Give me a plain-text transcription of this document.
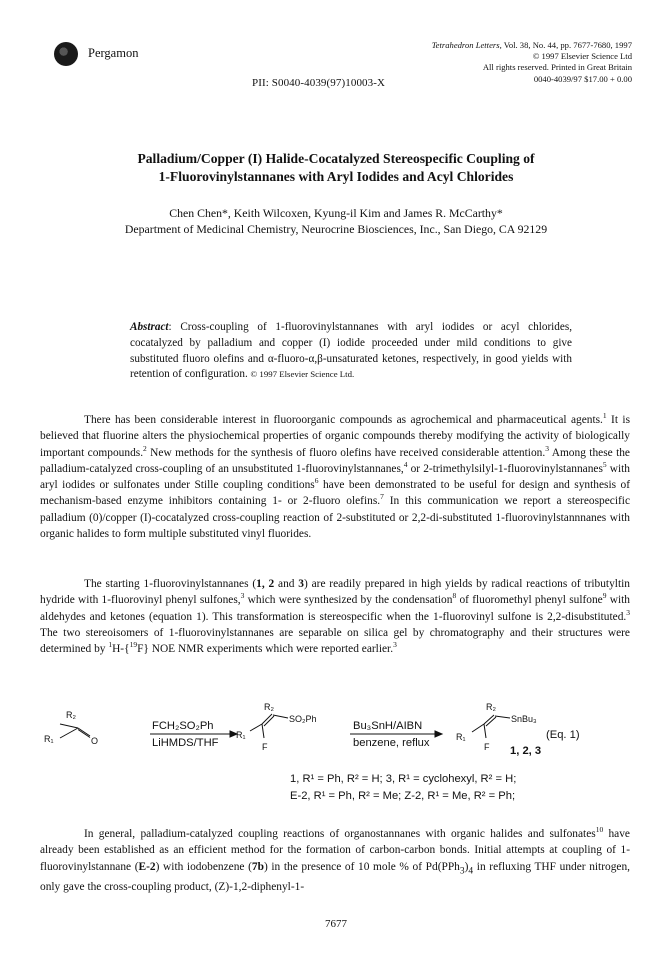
Pergamon
Tetrahedron Letters, Vol. 38, No. 44, pp. 7677-7680, 1997
© 1997 Elsevier Science Ltd
All rights reserved. Printed in Great Britain
0040-4039/97 $17.00 + 0.00
PII: S0040-4039(97)10003-X
Palladium/Copper (I) Halide-Cocatalyzed Stereospecific Coupling of
1-Fluorovinylstannanes with Aryl Iodides and Acyl Chlorides
Chen Chen*, Keith Wilcoxen, Kyung-il Kim and James R. McCarthy*
Department of Medicinal Chemistry, Neurocrine Biosciences, Inc., San Diego, CA 92129
Abstract: Cross-coupling of 1-fluorovinylstannanes with aryl iodides or acyl chlorides, cocatalyzed by palladium and copper (I) iodide proceeded under mild conditions to give substituted fluoro olefins and α-fluoro-α,β-unsaturated ketones, respectively, in good yields with retention of configuration. © 1997 Elsevier Science Ltd.

There has been considerable interest in fluoroorganic compounds as agrochemical and pharmaceutical agents.$^1$ It is believed that fluorine alters the physiochemical properties of organic compounds thereby modifying the activity of biologically important compounds.$^2$ New methods for the synthesis of fluoro olefins have received considerable attention.$^3$ Among these the palladium-catalyzed cross-coupling of an unsubstituted 1-fluorovinylstannanes,$^4$ or 2-trimethylsilyl-1-fluorovinylstannanes$^5$ with aryl iodides or sulfonates under Stille coupling conditions$^6$ have been demonstrated to be useful for design and synthesis of mechanism-based enzyme inhibitors containing 1- or 2-fluoro olefins.$^7$ In this communication we report a stereospecific palladium (0)/copper (I)-cocatalyzed cross-coupling reaction of 2-substituted or 2,2-di-substituted 1-fluorovinylstannnanes with organic halides to form multiple substituted vinyl fluorides.

The starting 1-fluorovinylstannanes (1, 2 and 3) are readily prepared in high yields by radical reactions of tributyltin hydride with 1-fluorovinyl phenyl sulfones,$^3$ which were synthesized by the condensation$^8$ of fluoromethyl phenyl sulfone$^9$ with aldehydes and ketones (equation 1). This transformation is stereospecific when the 1-fluorovinyl sulfone is 2,2-disubstituted.$^3$ The two stereoisomers of 1-fluorovinylstannanes are separable on silica gel by chromatography and their structures were determined by $^1$H-{$^{19}$F} NOE NMR experiments which were reported earlier.$^3$

R₂
R₁	O
R₂
R₁
F
SO₂Ph
R₂
R₁
F
SnBu₃
FCH₂SO₂Ph
LiHMDS/THF
Bu₃SnH/AIBN
benzene, reflux
(Eq. 1)
1, 2, 3
1, R¹ = Ph, R² = H; 3, R¹ = cyclohexyl, R² = H;
E-2, R¹ = Ph, R² = Me; Z-2, R¹ = Me, R² = Ph;

In general, palladium-catalyzed coupling reactions of organostannanes with organic halides and sulfonates$^{10}$ have already been established as an efficient method for the formation of carbon-carbon bonds. Initial attempts at coupling of 1-fluorovinylstannane (E-2) with iodobenzene (7b) in the presence of 10 mole % of $Pd(PPh_3)_4$ in refluxing THF under nitrogen, only gave the cross-coupling product, (Z)-1,2-diphenyl-1-

7677
